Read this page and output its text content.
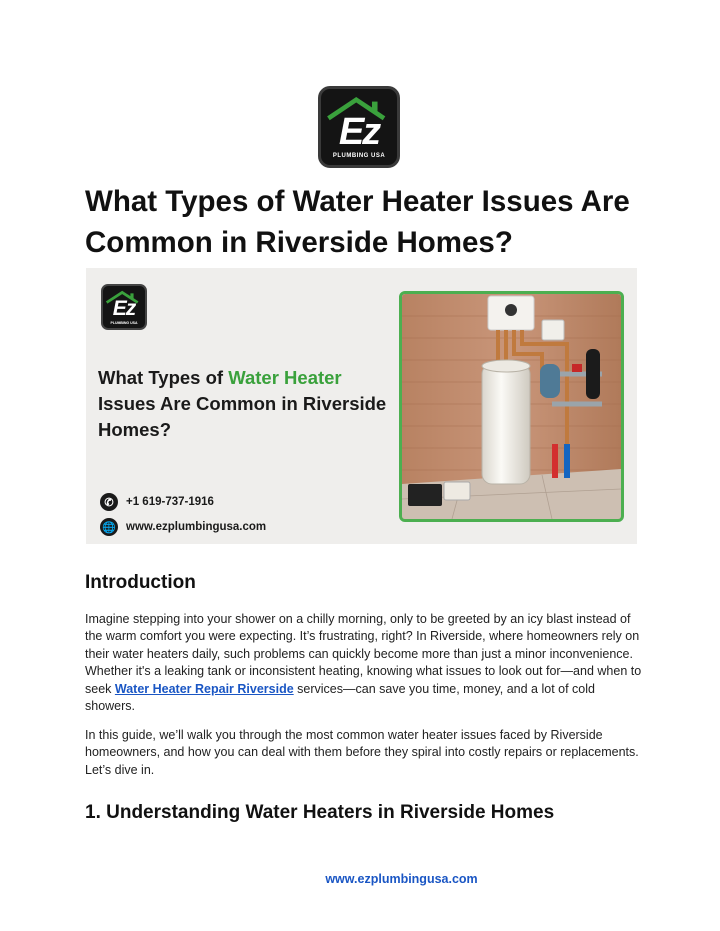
Ez
PLUMBING USA
What Types of Water Heater Issues Are Common in Riverside Homes?
Ez
PLUMBING USA
What Types of Water Heater Issues Are Common in Riverside Homes?
✆	+1 619-737-1916
🌐 www.ezplumbingusa.com
Introduction

Imagine stepping into your shower on a chilly morning, only to be greeted by an icy blast instead of the warm comfort you were expecting. It’s frustrating, right? In Riverside, where homeowners rely on their water heaters daily, such problems can quickly become more than just a minor inconvenience. Whether it's a leaking tank or inconsistent heating, knowing what issues to look out for—and when to seek Water Heater Repair Riverside services—can save you time, money, and a lot of cold showers.

In this guide, we’ll walk you through the most common water heater issues faced by Riverside homeowners, and how you can deal with them before they spiral into costly repairs or replacements. Let’s dive in.

1. Understanding Water Heaters in Riverside Homes
www.ezplumbingusa.com
